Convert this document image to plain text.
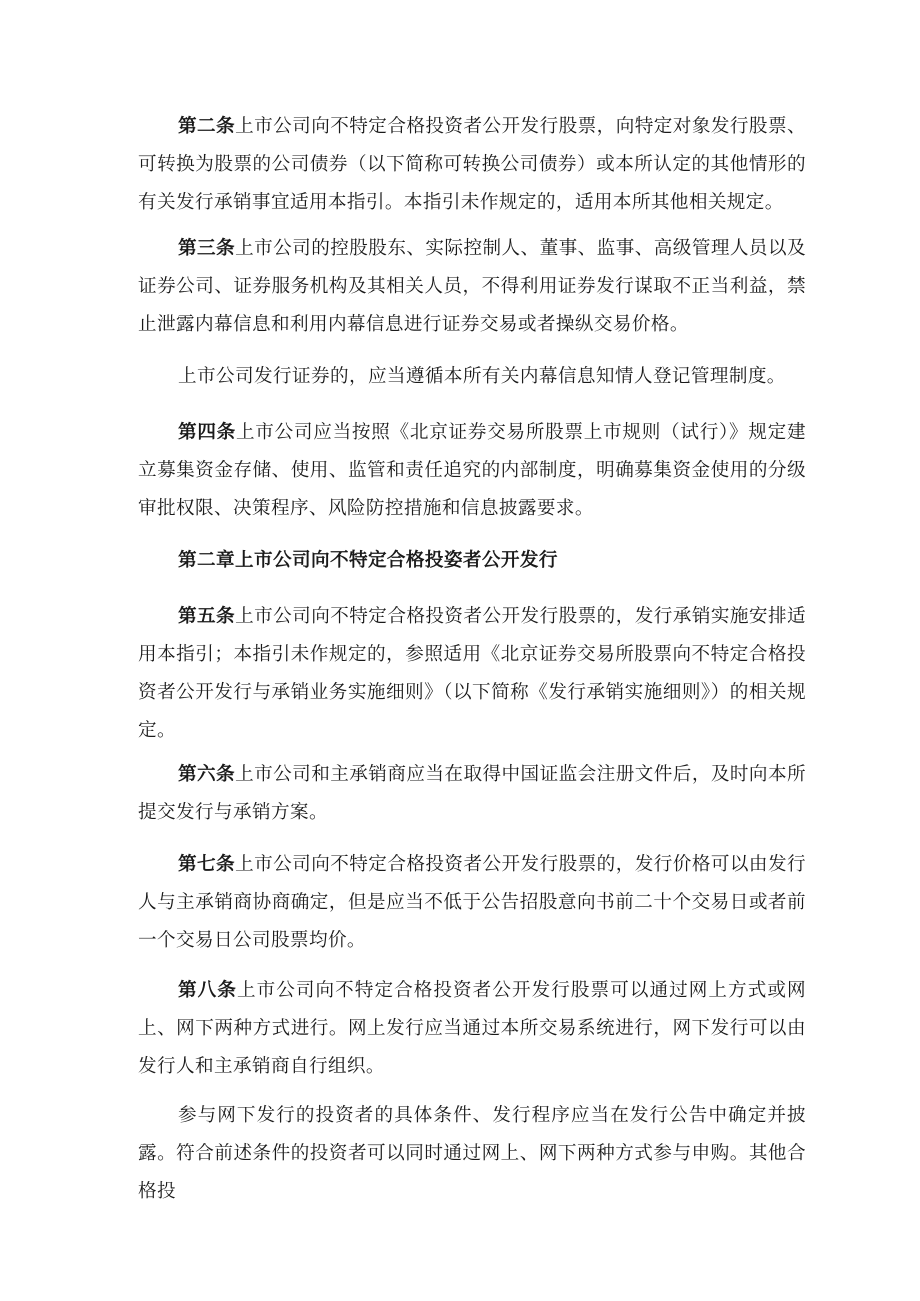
第二条上市公司向不特定合格投资者公开发行股票，向特定对象发行股票、可转换为股票的公司债券（以下简称可转换公司债券）或本所认定的其他情形的有关发行承销事宜适用本指引。本指引未作规定的，适用本所其他相关规定。

第三条上市公司的控股股东、实际控制人、董事、监事、高级管理人员以及证券公司、证券服务机构及其相关人员，不得利用证券发行谋取不正当利益，禁止泄露内幕信息和利用内幕信息进行证券交易或者操纵交易价格。

上市公司发行证券的，应当遵循本所有关内幕信息知情人登记管理制度。

第四条上市公司应当按照《北京证券交易所股票上市规则（试行）》规定建立募集资金存储、使用、监管和责任追究的内部制度，明确募集资金使用的分级审批权限、决策程序、风险防控措施和信息披露要求。

第二章上市公司向不特定合格投姿者公开发行

第五条上市公司向不特定合格投资者公开发行股票的，发行承销实施安排适用本指引；本指引未作规定的，参照适用《北京证券交易所股票向不特定合格投资者公开发行与承销业务实施细则》（以下简称《发行承销实施细则》）的相关规定。

第六条上市公司和主承销商应当在取得中国证监会注册文件后，及时向本所提交发行与承销方案。

第七条上市公司向不特定合格投资者公开发行股票的，发行价格可以由发行人与主承销商协商确定，但是应当不低于公告招股意向书前二十个交易日或者前一个交易日公司股票均价。

第八条上市公司向不特定合格投资者公开发行股票可以通过网上方式或网上、网下两种方式进行。网上发行应当通过本所交易系统进行，网下发行可以由发行人和主承销商自行组织。

参与网下发行的投资者的具体条件、发行程序应当在发行公告中确定并披露。符合前述条件的投资者可以同时通过网上、网下两种方式参与申购。其他合格投
